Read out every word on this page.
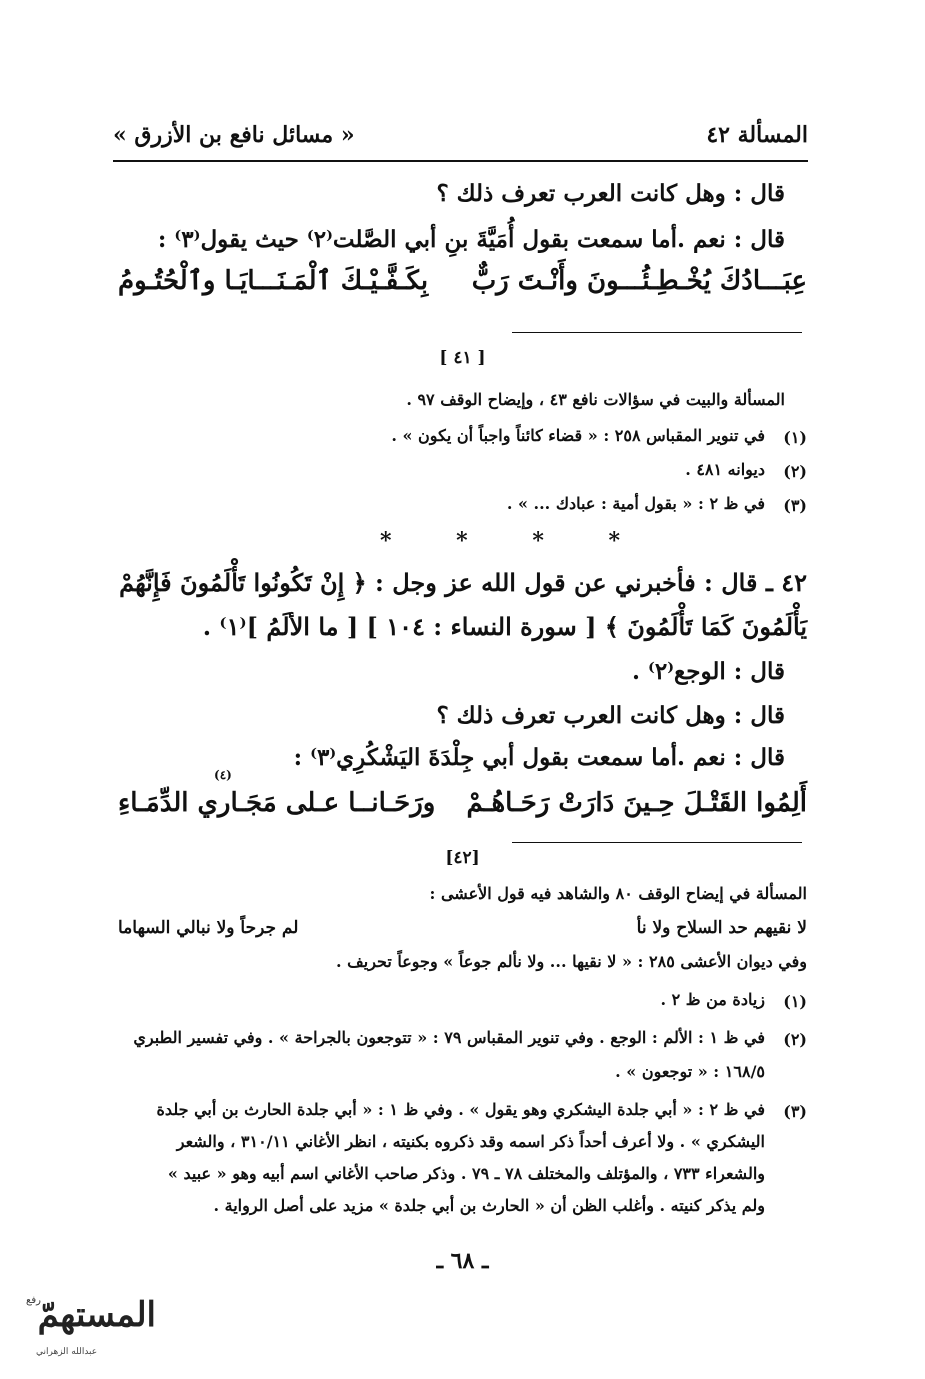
المسألة ٤٢
« مسائل نافع بن الأزرق »
قال : وهل كانت العرب تعرف ذلك ؟
قال : نعم .أما سمعت بقول أُمَيَّةَ بنِ أبي الصَّلت⁽٢⁾ حيث يقول⁽٣⁾ :
عِبَـــادُكَ يُخْـطِـئُـــونَ وأَنْـتَ رَبٌّ
بِكَـفَّـيْـكَ ٱلْمَـنَـــايَـا وٱلْحُتُـومُ
[ ٤١ ]
المسألة والبيت في سؤالات نافع ٤٣ ، وإيضاح الوقف ٩٧ .
(١)
في تنوير المقباس ٢٥٨ : « قضاء كائناً واجباً أن يكون » .
(٢)
ديوانه ٤٨١ .
(٣)
في ظ ٢ : « بقول أمية : عبادك ... » .
*	*	*	*
٤٢ ـ قال : فأخبرني عن قول الله عز وجل : ﴿ إِنْ تَكُونُوا تَأْلَمُونَ فَإِنَّهُمْ
يَأْلَمُونَ كَمَا تَأْلَمُونَ ﴾ [ سورة النساء : ١٠٤ ] [ ما الألَمُ ]⁽١⁾ .
قال : الوجع⁽٢⁾ .
قال : وهل كانت العرب تعرف ذلك ؟
قال : نعم .أما سمعت بقول أبي جِلْدَةَ اليَشْكُرِي⁽٣⁾ :
أَلِمُوا القَتْـلَ حِـينَ دَارَتْ رَحَـاهُـمْ
ورَحَـانــا عـلى مَجَـاري الدِّمَـاءِ
(٤)
[٤٢]
المسألة في إيضاح الوقف ٨٠ والشاهد فيه قول الأعشى :
لا نقيهم حد السلاح ولا نأ
لم جرحاً ولا نبالي السهاما
وفي ديوان الأعشى ٢٨٥ : « لا نقيها ... ولا نألم جوعاً » وجوعاً تحريف .
(١)
زيادة من ظ ٢ .
(٢)
في ظ ١ : الألم : الوجع . وفي تنوير المقباس ٧٩ : « تتوجعون بالجراحة » . وفي تفسير الطبري
١٦٨/٥ : « توجعون » .
(٣)
في ظ ٢ : « أبي جلدة اليشكري وهو يقول » . وفي ظ ١ : « أبي جلدة الحارث بن أبي جلدة
اليشكري » . ولا أعرف أحداً ذكر اسمه وقد ذكروه بكنيته ، انظر الأغاني ٣١٠/١١ ، والشعر
والشعراء ٧٣٣ ، والمؤتلف والمختلف ٧٨ ـ ٧٩ . وذكر صاحب الأغاني اسم أبيه وهو « عبيد »
ولم يذكر كنيته . وأغلب الظن أن « الحارث بن أبي جلدة » مزيد على أصل الرواية .
ـ ٦٨ ـ
رفع
المستهمّ
عبدالله الزهراني
